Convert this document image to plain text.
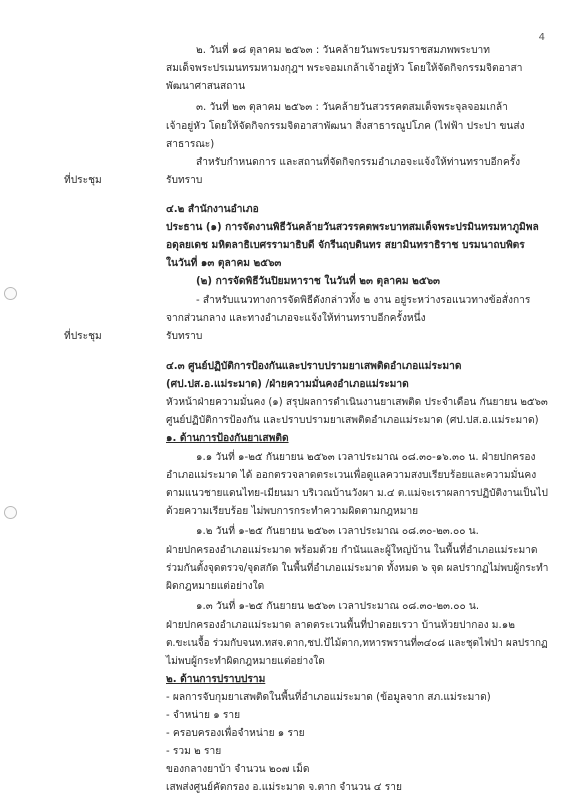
4
๒. วันที่ ๑๘ ตุลาคม ๒๕๖๓ : วันคล้ายวันพระบรมราชสมภพพระบาท
สมเด็จพระปรเมนทรมหามงกุฎฯ พระจอมเกล้าเจ้าอยู่หัว โดยให้จัดกิจกรรมจิตอาสา
พัฒนาศาสนสถาน
๓. วันที่ ๒๓ ตุลาคม ๒๕๖๓ : วันคล้ายวันสวรรคตสมเด็จพระจุลจอมเกล้า
เจ้าอยู่หัว โดยให้จัดกิจกรรมจิตอาสาพัฒนา สิ่งสาธารณูปโภค (ไฟฟ้า ประปา ขนส่ง
สาธารณะ)
สำหรับกำหนดการ และสถานที่จัดกิจกรรมอำเภอจะแจ้งให้ท่านทราบอีกครั้ง
ที่ประชุม	รับทราบ
๔.๒ สำนักงานอำเภอ
ประธาน (๑) การจัดงานพิธีวันคล้ายวันสวรรคตพระบาทสมเด็จพระปรมินทรมหาภูมิพล
อดุลยเดช มหิตลาธิเบศรรามาธิบดี จักรีนฤบดินทร สยามินทราธิราช บรมนาถบพิตร
ในวันที่ ๑๓ ตุลาคม ๒๕๖๓
(๒) การจัดพิธีวันปิยมหาราช ในวันที่ ๒๓ ตุลาคม ๒๕๖๓
- สำหรับแนวทางการจัดพิธีดังกล่าวทั้ง ๒ งาน อยู่ระหว่างรอแนวทางข้อสั่งการ
จากส่วนกลาง และทางอำเภอจะแจ้งให้ท่านทราบอีกครั้งหนึ่ง
ที่ประชุม	รับทราบ
๔.๓ ศูนย์ปฏิบัติการป้องกันและปราบปรามยาเสพติดอำเภอแม่ระมาด
(ศป.ปส.อ.แม่ระมาด) /ฝ่ายความมั่นคงอำเภอแม่ระมาด
หัวหน้าฝ่ายความมั่นคง (๑) สรุปผลการดำเนินงานยาเสพติด ประจำเดือน กันยายน ๒๕๖๓
ศูนย์ปฏิบัติการป้องกัน และปราบปรามยาเสพติดอำเภอแม่ระมาด (ศป.ปส.อ.แม่ระมาด)
๑. ด้านการป้องกันยาเสพติด
๑.๑ วันที่ ๑-๒๕ กันยายน ๒๕๖๓ เวลาประมาณ ๐๘.๓๐-๑๖.๓๐ น. ฝ่ายปกครอง
อำเภอแม่ระมาด ได้ ออกตรวจลาดตระเวนเพื่อดูแลความสงบเรียบร้อยและความมั่นคง
ตามแนวชายแดนไทย-เมียนมา บริเวณบ้านวังผา ม.๔ ต.แม่จะเราผลการปฏิบัติงานเป็นไป
ด้วยความเรียบร้อย ไม่พบการกระทำความผิดตามกฎหมาย
๑.๒ วันที่ ๑-๒๕ กันยายน ๒๕๖๓ เวลาประมาณ ๐๘.๓๐-๒๓.๐๐ น.
ฝ่ายปกครองอำเภอแม่ระมาด พร้อมด้วย กำนันและผู้ใหญ่บ้าน ในพื้นที่อำเภอแม่ระมาด
ร่วมกันตั้งจุดตรวจ/จุดสกัด ในพื้นที่อำเภอแม่ระมาด ทั้งหมด ๖ จุด ผลปรากฏไม่พบผู้กระทำ
ผิดกฎหมายแต่อย่างใด
๑.๓ วันที่ ๑-๒๕ กันยายน ๒๕๖๓ เวลาประมาณ ๐๘.๓๐-๒๓.๐๐ น.
ฝ่ายปกครองอำเภอแม่ระมาด ลาดตระเวนพื้นที่ป่าดอยเรวา บ้านห้วยปากอง ม.๑๒
ต.ขะเนจื้อ ร่วมกับจนท.ทสจ.ตาก,ชป.ป้ไม้ตาก,ทหารพรานที่๓๔๐๘ และชุดไฟป่า ผลปรากฏ
ไม่พบผู้กระทำผิดกฎหมายแต่อย่างใด
๒. ด้านการปราบปราม
- ผลการจับกุมยาเสพติดในพื้นที่อำเภอแม่ระมาด (ข้อมูลจาก สภ.แม่ระมาด)
- จำหน่าย ๑ ราย
- ครอบครองเพื่อจำหน่าย ๑ ราย
- รวม ๒ ราย
ของกลางยาบ้า จำนวน ๒๐๗ เม็ด
เสพส่งศูนย์คัดกรอง อ.แม่ระมาด จ.ตาก จำนวน ๔ ราย
